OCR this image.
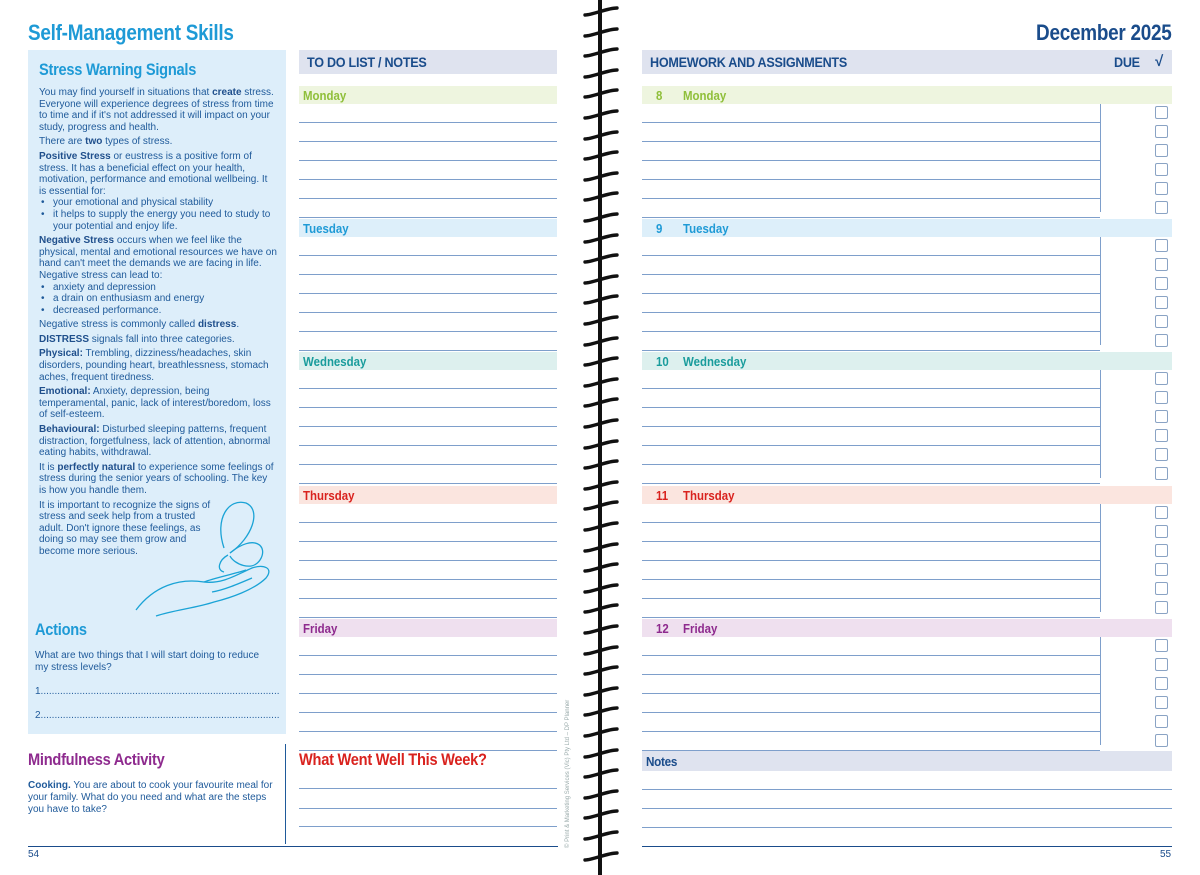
Self-Management Skills
Stress Warning Signals

You may find yourself in situations that create stress. Everyone will experience degrees of stress from time to time and if it's not addressed it will impact on your study, progress and health.

There are two types of stress.

Positive Stress or eustress is a positive form of stress. It has a beneficial effect on your health, motivation, performance and emotional wellbeing. It is essential for:

• your emotional and physical stability
• it helps to supply the energy you need to study to your potential and enjoy life.

Negative Stress occurs when we feel like the physical, mental and emotional resources we have on hand can't meet the demands we are facing in life. Negative stress can lead to:

• anxiety and depression
• a drain on enthusiasm and energy
• decreased performance.

Negative stress is commonly called distress.

DISTRESS signals fall into three categories.

Physical: Trembling, dizziness/headaches, skin disorders, pounding heart, breathlessness, stomach aches, frequent tiredness.

Emotional: Anxiety, depression, being temperamental, panic, lack of interest/boredom, loss of self-esteem.

Behavioural: Disturbed sleeping patterns, frequent distraction, forgetfulness, lack of attention, abnormal eating habits, withdrawal.

It is perfectly natural to experience some feelings of stress during the senior years of schooling. The key is how you handle them.

It is important to recognize the signs of stress and seek help from a trusted adult. Don't ignore these feelings, as doing so may see them grow and become more serious.

Actions

What are two things that I will start doing to reduce my stress levels?

1......................................................................................

2......................................................................................

Mindfulness Activity

Cooking. You are about to cook your favourite meal for your family. What do you need and what are the steps you have to take?

TO DO LIST / NOTES
Monday
Tuesday
Wednesday
Thursday
Friday
What Went Well This Week?
54
© Print & Marketing Services (Vic) Pty Ltd – DP Planner
December 2025
HOMEWORK AND ASSIGNMENTS	DUE √
8 Monday
9 Tuesday
10 Wednesday
11 Thursday
12 Friday
Notes
55
